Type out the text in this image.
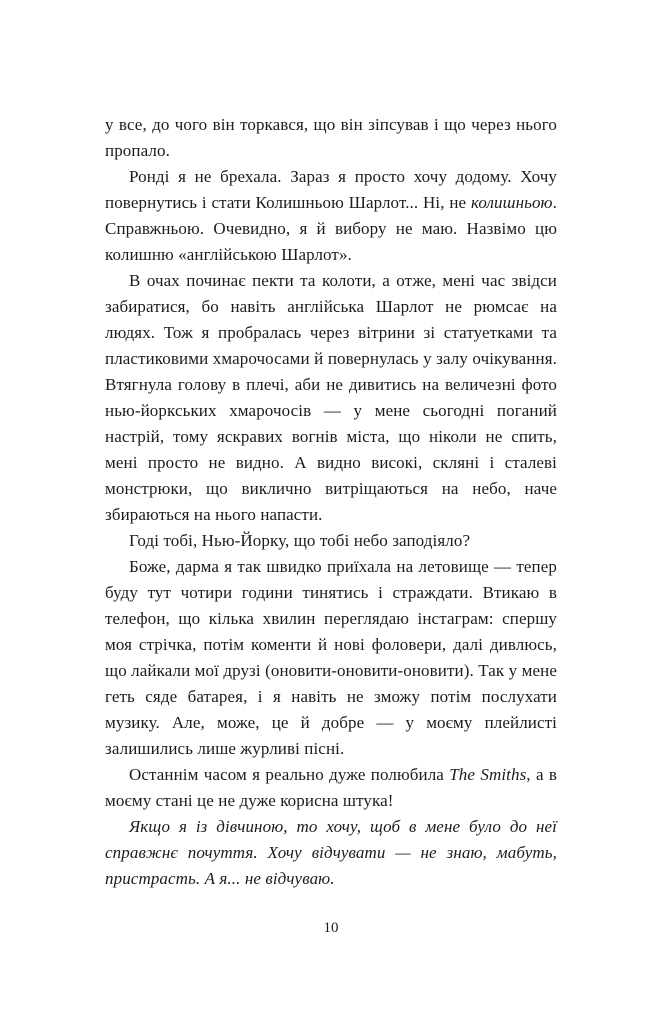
у все, до чого він торкався, що він зіпсував і що через нього пропало.

Ронді я не брехала. Зараз я просто хочу додому. Хочу повернутись і стати Колишньою Шарлот... Ні, не колишньою. Справжньою. Очевидно, я й вибору не маю. Назвімо цю колишню «англійською Шарлот».

В очах починає пекти та колоти, а отже, мені час звідси забиратися, бо навіть англійська Шарлот не рюмсає на людях. Тож я пробралась через вітрини зі статуетками та пластиковими хмарочосами й повернулась у залу очікування. Втягнула голову в плечі, аби не дивитись на величезні фото нью-йоркських хмарочосів — у мене сьогодні поганий настрій, тому яскравих вогнів міста, що ніколи не спить, мені просто не видно. А видно високі, скляні і сталеві монстрюки, що виклично витріщаються на небо, наче збираються на нього напасти.

Годі тобі, Нью-Йорку, що тобі небо заподіяло?

Боже, дарма я так швидко приїхала на летовище — тепер буду тут чотири години тинятись і страждати. Втикаю в телефон, що кілька хвилин переглядаю інстаграм: спершу моя стрічка, потім коменти й нові фоловери, далі дивлюсь, що лайкали мої друзі (оновити-оновити-оновити). Так у мене геть сяде батарея, і я навіть не зможу потім послухати музику. Але, може, це й добре — у моєму плейлисті залишились лише журливі пісні.

Останнім часом я реально дуже полюбила The Smiths, а в моєму стані це не дуже корисна штука!

Якщо я із дівчиною, то хочу, щоб в мене було до неї справжнє почуття. Хочу відчувати — не знаю, мабуть, пристрасть. А я... не відчуваю.

10
